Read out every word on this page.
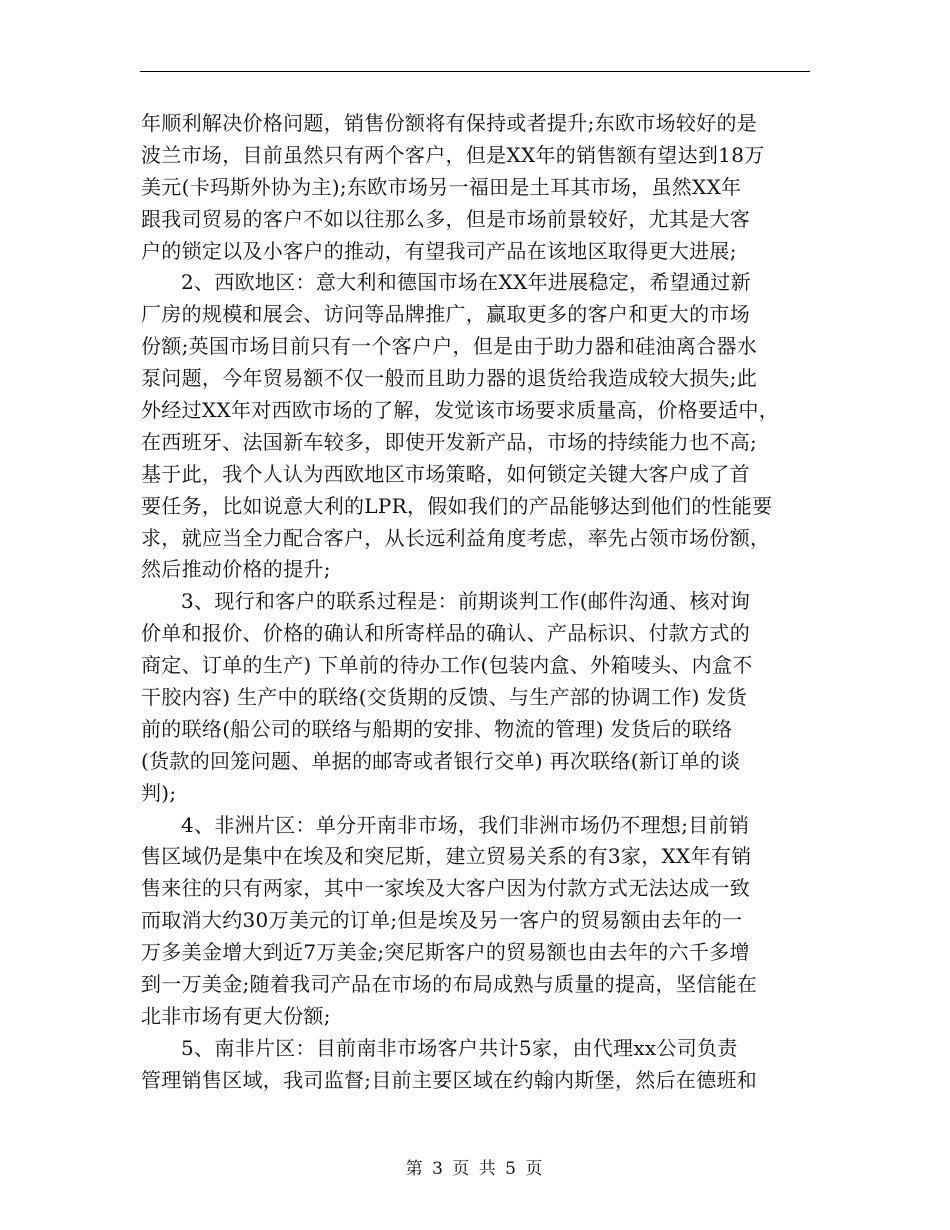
年顺利解决价格问题，销售份额将有保持或者提升;东欧市场较好的是
波兰市场，目前虽然只有两个客户，但是XX年的销售额有望达到18万
美元(卡玛斯外协为主);东欧市场另一福田是土耳其市场，虽然XX年
跟我司贸易的客户不如以往那么多，但是市场前景较好，尤其是大客
户的锁定以及小客户的推动，有望我司产品在该地区取得更大进展;
2、西欧地区：意大利和德国市场在XX年进展稳定，希望通过新
厂房的规模和展会、访问等品牌推广，赢取更多的客户和更大的市场
份额;英国市场目前只有一个客户户，但是由于助力器和硅油离合器水
泵问题，今年贸易额不仅一般而且助力器的退货给我造成较大损失;此
外经过XX年对西欧市场的了解，发觉该市场要求质量高，价格要适中，
在西班牙、法国新车较多，即使开发新产品，市场的持续能力也不高;
基于此，我个人认为西欧地区市场策略，如何锁定关键大客户成了首
要任务，比如说意大利的LPR，假如我们的产品能够达到他们的性能要
求，就应当全力配合客户，从长远利益角度考虑，率先占领市场份额，
然后推动价格的提升;
3、现行和客户的联系过程是：前期谈判工作(邮件沟通、核对询
价单和报价、价格的确认和所寄样品的确认、产品标识、付款方式的
商定、订单的生产) 下单前的待办工作(包装内盒、外箱唛头、内盒不
干胶内容) 生产中的联络(交货期的反馈、与生产部的协调工作) 发货
前的联络(船公司的联络与船期的安排、物流的管理) 发货后的联络
(货款的回笼问题、单据的邮寄或者银行交单) 再次联络(新订单的谈
判);
4、非洲片区：单分开南非市场，我们非洲市场仍不理想;目前销
售区域仍是集中在埃及和突尼斯，建立贸易关系的有3家，XX年有销
售来往的只有两家，其中一家埃及大客户因为付款方式无法达成一致
而取消大约30万美元的订单;但是埃及另一客户的贸易额由去年的一
万多美金增大到近7万美金;突尼斯客户的贸易额也由去年的六千多增
到一万美金;随着我司产品在市场的布局成熟与质量的提高，坚信能在
北非市场有更大份额;
5、南非片区：目前南非市场客户共计5家，由代理xx公司负责
管理销售区域，我司监督;目前主要区域在约翰内斯堡，然后在德班和
第 3 页 共 5 页
